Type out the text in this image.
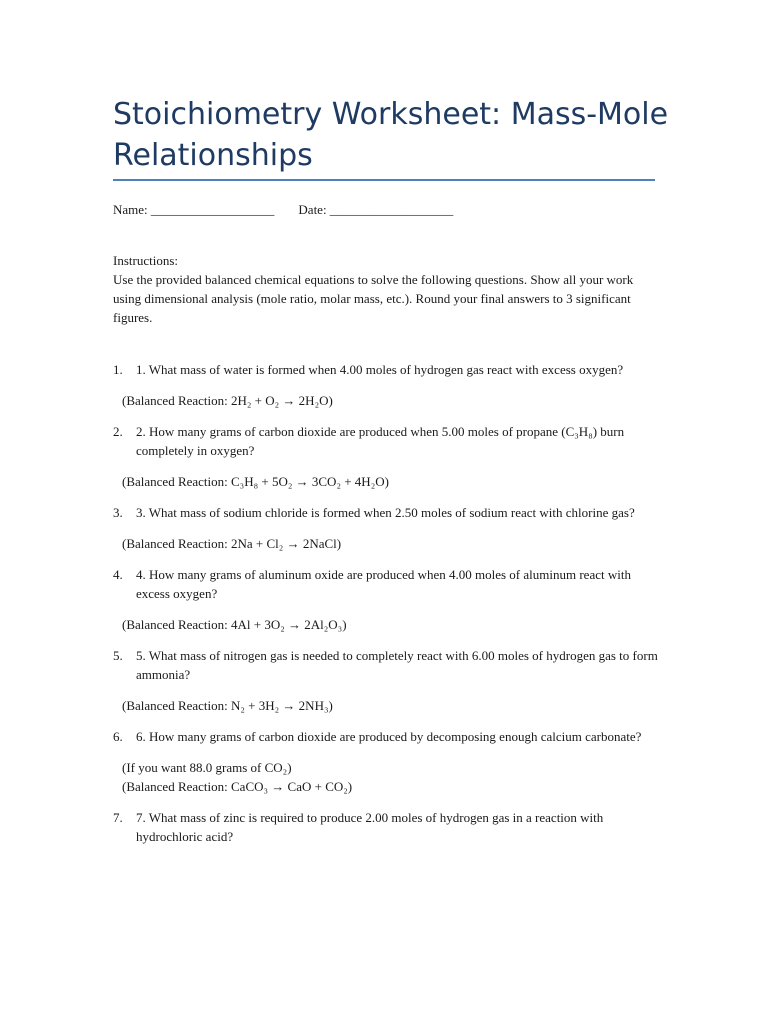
Stoichiometry Worksheet: Mass-Mole Relationships
Name: ___________________ Date: ___________________

Instructions:

Use the provided balanced chemical equations to solve the following questions. Show all your work using dimensional analysis (mole ratio, molar mass, etc.). Round your final answers to 3 significant figures.

1.	1. What mass of water is formed when 4.00 moles of hydrogen gas react with excess oxygen?
(Balanced Reaction: 2H₂ + O₂ → 2H₂O)
2.	2. How many grams of carbon dioxide are produced when 5.00 moles of propane (C₃H₈) burn completely in oxygen?
(Balanced Reaction: C₃H₈ + 5O₂ → 3CO₂ + 4H₂O)
3.	3. What mass of sodium chloride is formed when 2.50 moles of sodium react with chlorine gas?
(Balanced Reaction: 2Na + Cl₂ → 2NaCl)
4.	4. How many grams of aluminum oxide are produced when 4.00 moles of aluminum react with excess oxygen?
(Balanced Reaction: 4Al + 3O₂ → 2Al₂O₃)
5.	5. What mass of nitrogen gas is needed to completely react with 6.00 moles of hydrogen gas to form ammonia?
(Balanced Reaction: N₂ + 3H₂ → 2NH₃)
6.	6. How many grams of carbon dioxide are produced by decomposing enough calcium carbonate?
(If you want 88.0 grams of CO₂)
(Balanced Reaction: CaCO₃ → CaO + CO₂)
7.	7. What mass of zinc is required to produce 2.00 moles of hydrogen gas in a reaction with hydrochloric acid?
